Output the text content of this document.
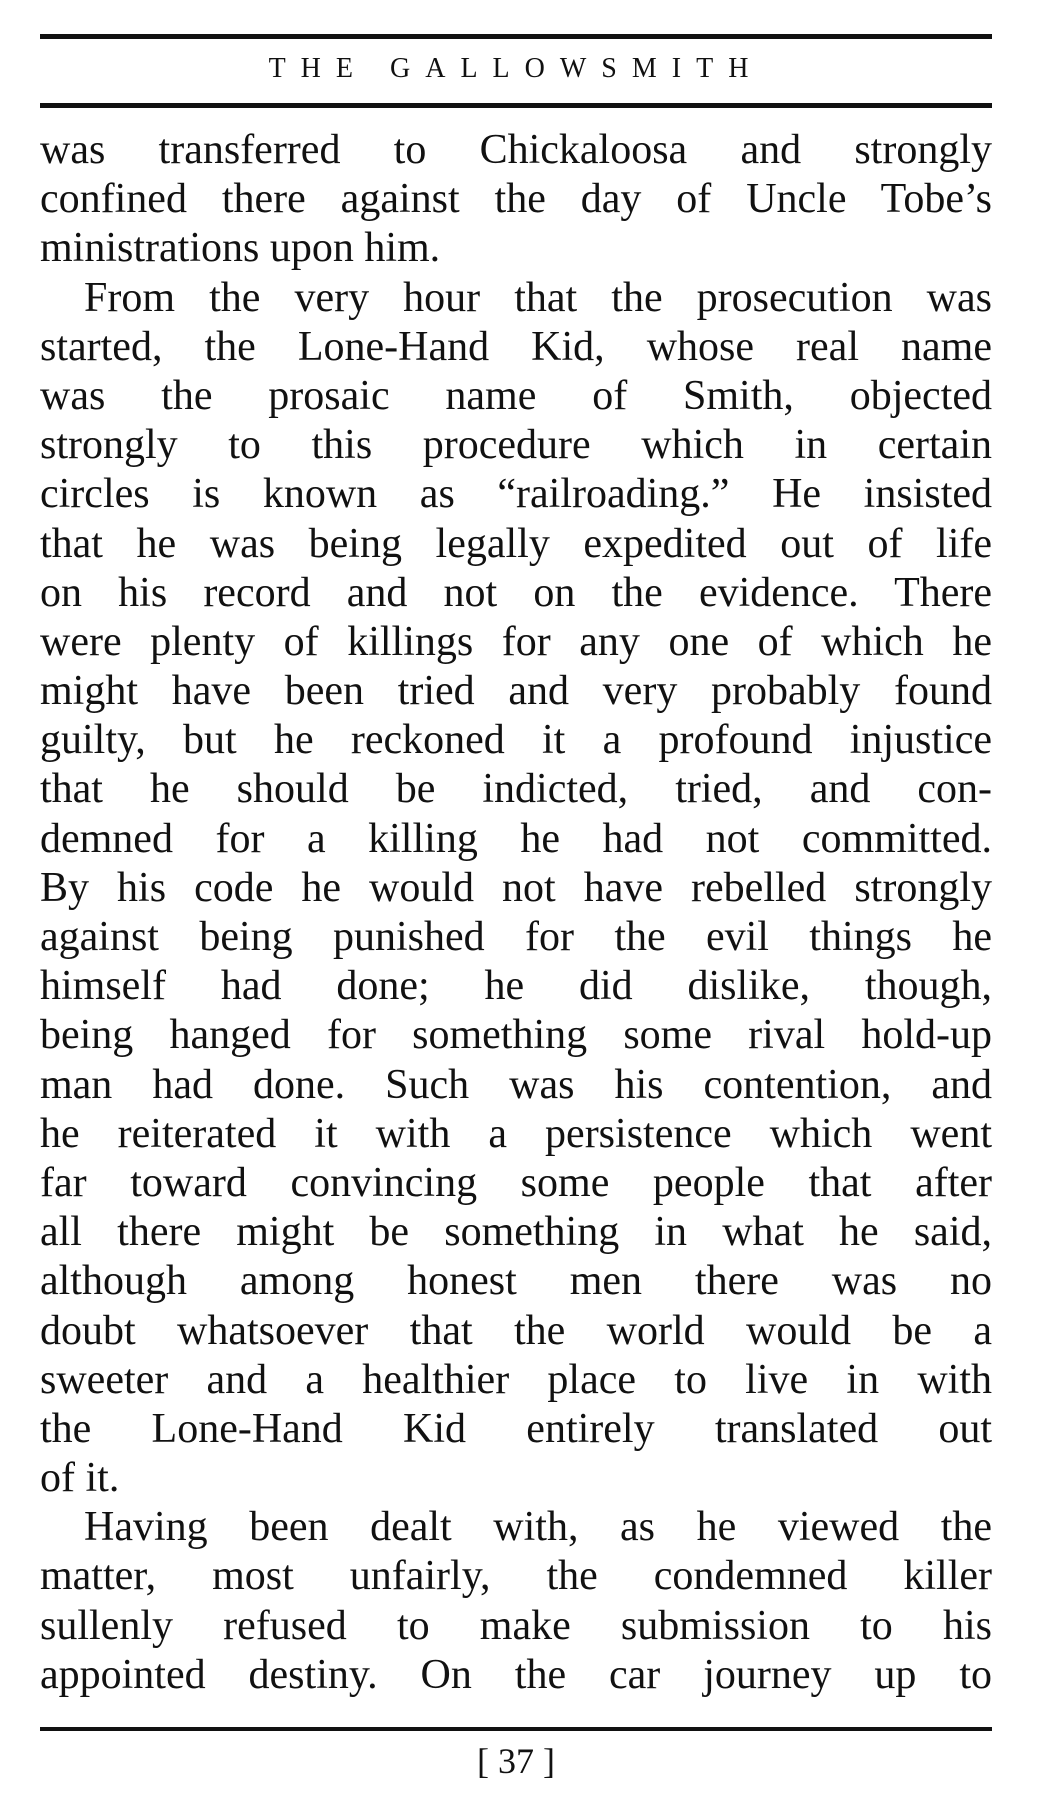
THE GALLOWSMITH
was transferred to Chickaloosa and strongly
confined there against the day of Uncle Tobe’s
ministrations upon him.
From the very hour that the prosecution was
started, the Lone-Hand Kid, whose real name
was the prosaic name of Smith, objected
strongly to this procedure which in certain
circles is known as “railroading.” He insisted
that he was being legally expedited out of life
on his record and not on the evidence. There
were plenty of killings for any one of which he
might have been tried and very probably found
guilty, but he reckoned it a profound injustice
that he should be indicted, tried, and con-
demned for a killing he had not committed.
By his code he would not have rebelled strongly
against being punished for the evil things he
himself had done; he did dislike, though,
being hanged for something some rival hold-up
man had done. Such was his contention, and
he reiterated it with a persistence which went
far toward convincing some people that after
all there might be something in what he said,
although among honest men there was no
doubt whatsoever that the world would be a
sweeter and a healthier place to live in with
the Lone-Hand Kid entirely translated out
of it.
Having been dealt with, as he viewed the
matter, most unfairly, the condemned killer
sullenly refused to make submission to his
appointed destiny. On the car journey up to
[ 37 ]
